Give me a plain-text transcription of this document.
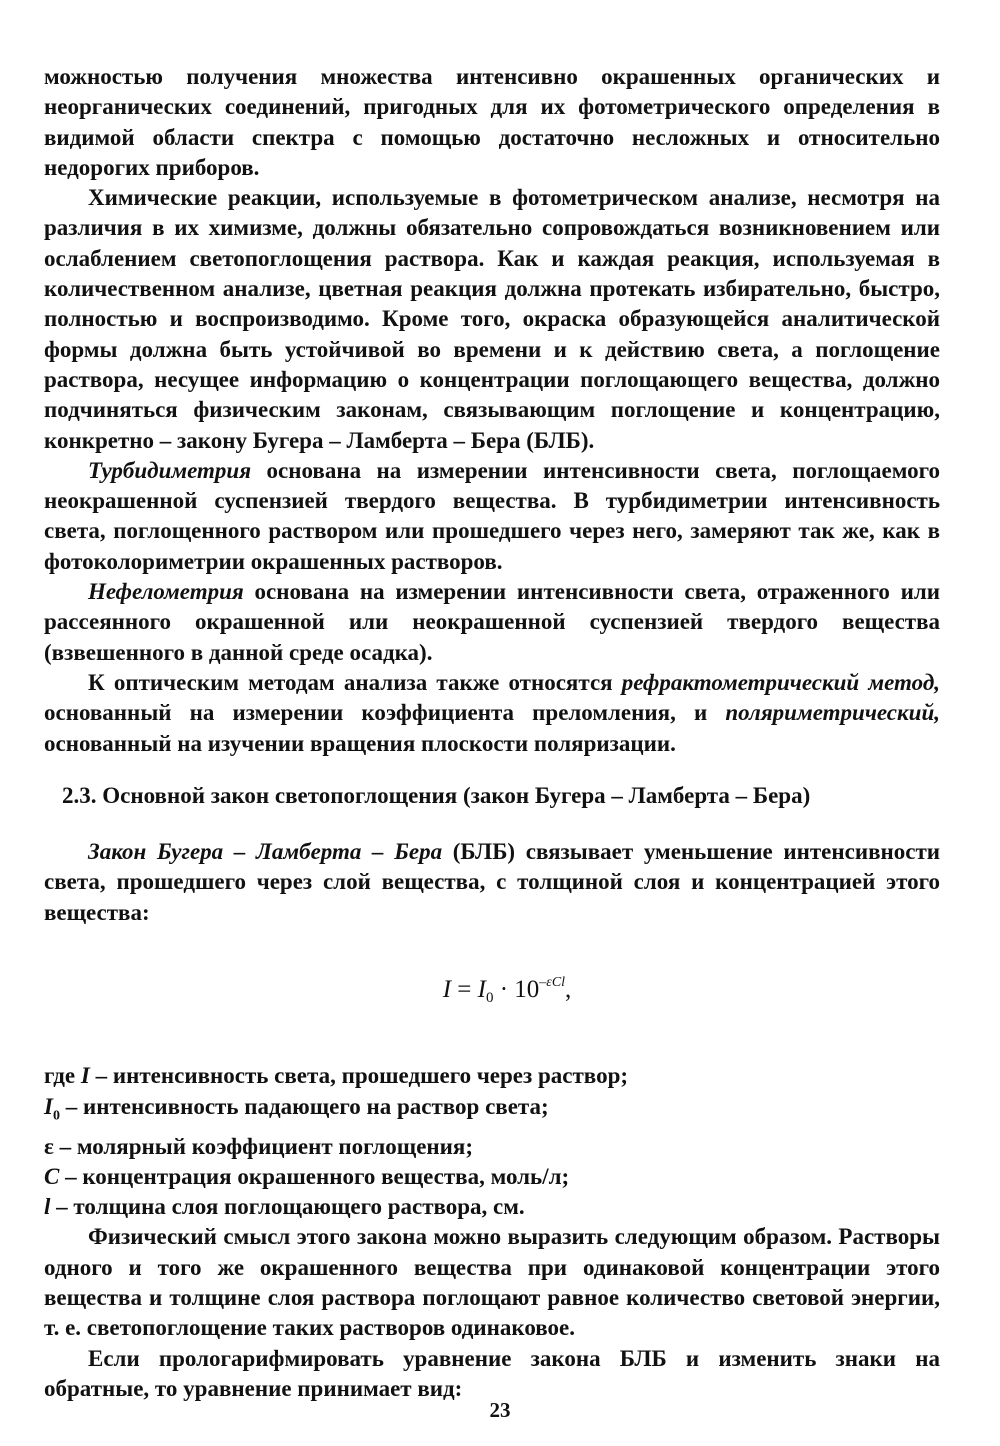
можностью получения множества интенсивно окрашенных органических и неорганических соединений, пригодных для их фотометрического определения в видимой области спектра с помощью достаточно несложных и относительно недорогих приборов.

Химические реакции, используемые в фотометрическом анализе, несмотря на различия в их химизме, должны обязательно сопровождаться возникновением или ослаблением светопоглощения раствора. Как и каждая реакция, используемая в количественном анализе, цветная реакция должна протекать избирательно, быстро, полностью и воспроизводимо. Кроме того, окраска образующейся аналитической формы должна быть устойчивой во времени и к действию света, а поглощение раствора, несущее информацию о концентрации поглощающего вещества, должно подчиняться физическим законам, связывающим поглощение и концентрацию, конкретно – закону Бугера – Ламберта – Бера (БЛБ).

Турбидиметрия основана на измерении интенсивности света, поглощаемого неокрашенной суспензией твердого вещества. В турбидиметрии интенсивность света, поглощенного раствором или прошедшего через него, замеряют так же, как в фотоколориметрии окрашенных растворов.

Нефелометрия основана на измерении интенсивности света, отраженного или рассеянного окрашенной или неокрашенной суспензией твердого вещества (взвешенного в данной среде осадка).

К оптическим методам анализа также относятся рефрактометрический метод, основанный на измерении коэффициента преломления, и поляриметрический, основанный на изучении вращения плоскости поляризации.

2.3. Основной закон светопоглощения (закон Бугера – Ламберта – Бера)

Закон Бугера – Ламберта – Бера (БЛБ) связывает уменьшение интенсивности света, прошедшего через слой вещества, с толщиной слоя и концентрацией этого вещества:

$I = I_0 \cdot 10^{-\varepsilon Cl}$,

где I – интенсивность света, прошедшего через раствор;

$I_0$ – интенсивность падающего на раствор света;

ε – молярный коэффициент поглощения;

C – концентрация окрашенного вещества, моль/л;

l – толщина слоя поглощающего раствора, см.

Физический смысл этого закона можно выразить следующим образом. Растворы одного и того же окрашенного вещества при одинаковой концентрации этого вещества и толщине слоя раствора поглощают равное количество световой энергии, т. е. светопоглощение таких растворов одинаковое.

Если прологарифмировать уравнение закона БЛБ и изменить знаки на обратные, то уравнение принимает вид:

23
